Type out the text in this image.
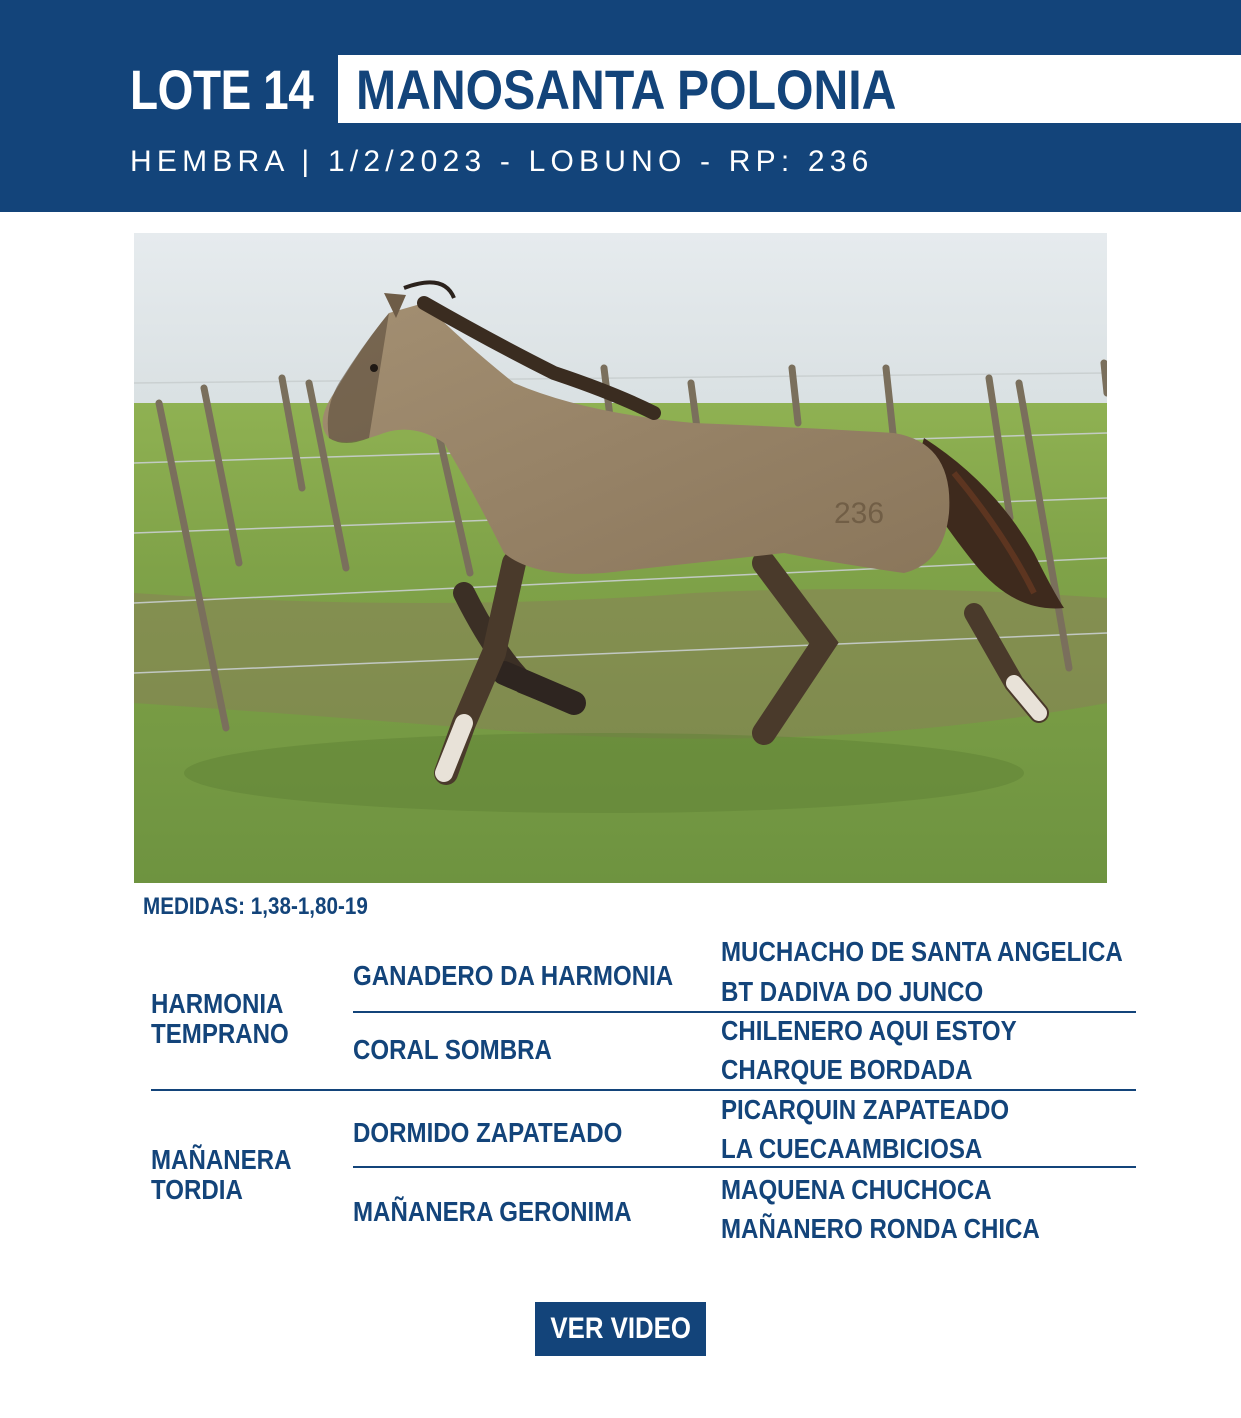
LOTE 14 MANOSANTA POLONIA
HEMBRA | 1/2/2023 - LOBUNO - RP: 236
236
MEDIDAS: 1,38-1,80-19
HARMONIA
TEMPRANO
GANADERO DA HARMONIA
MUCHACHO DE SANTA ANGELICA
BT DADIVA DO JUNCO
CORAL SOMBRA
CHILENERO AQUI ESTOY
CHARQUE BORDADA
MAÑANERA
TORDIA
DORMIDO ZAPATEADO
PICARQUIN ZAPATEADO
LA CUECAAMBICIOSA
MAÑANERA GERONIMA
MAQUENA CHUCHOCA
MAÑANERO RONDA CHICA
VER VIDEO
